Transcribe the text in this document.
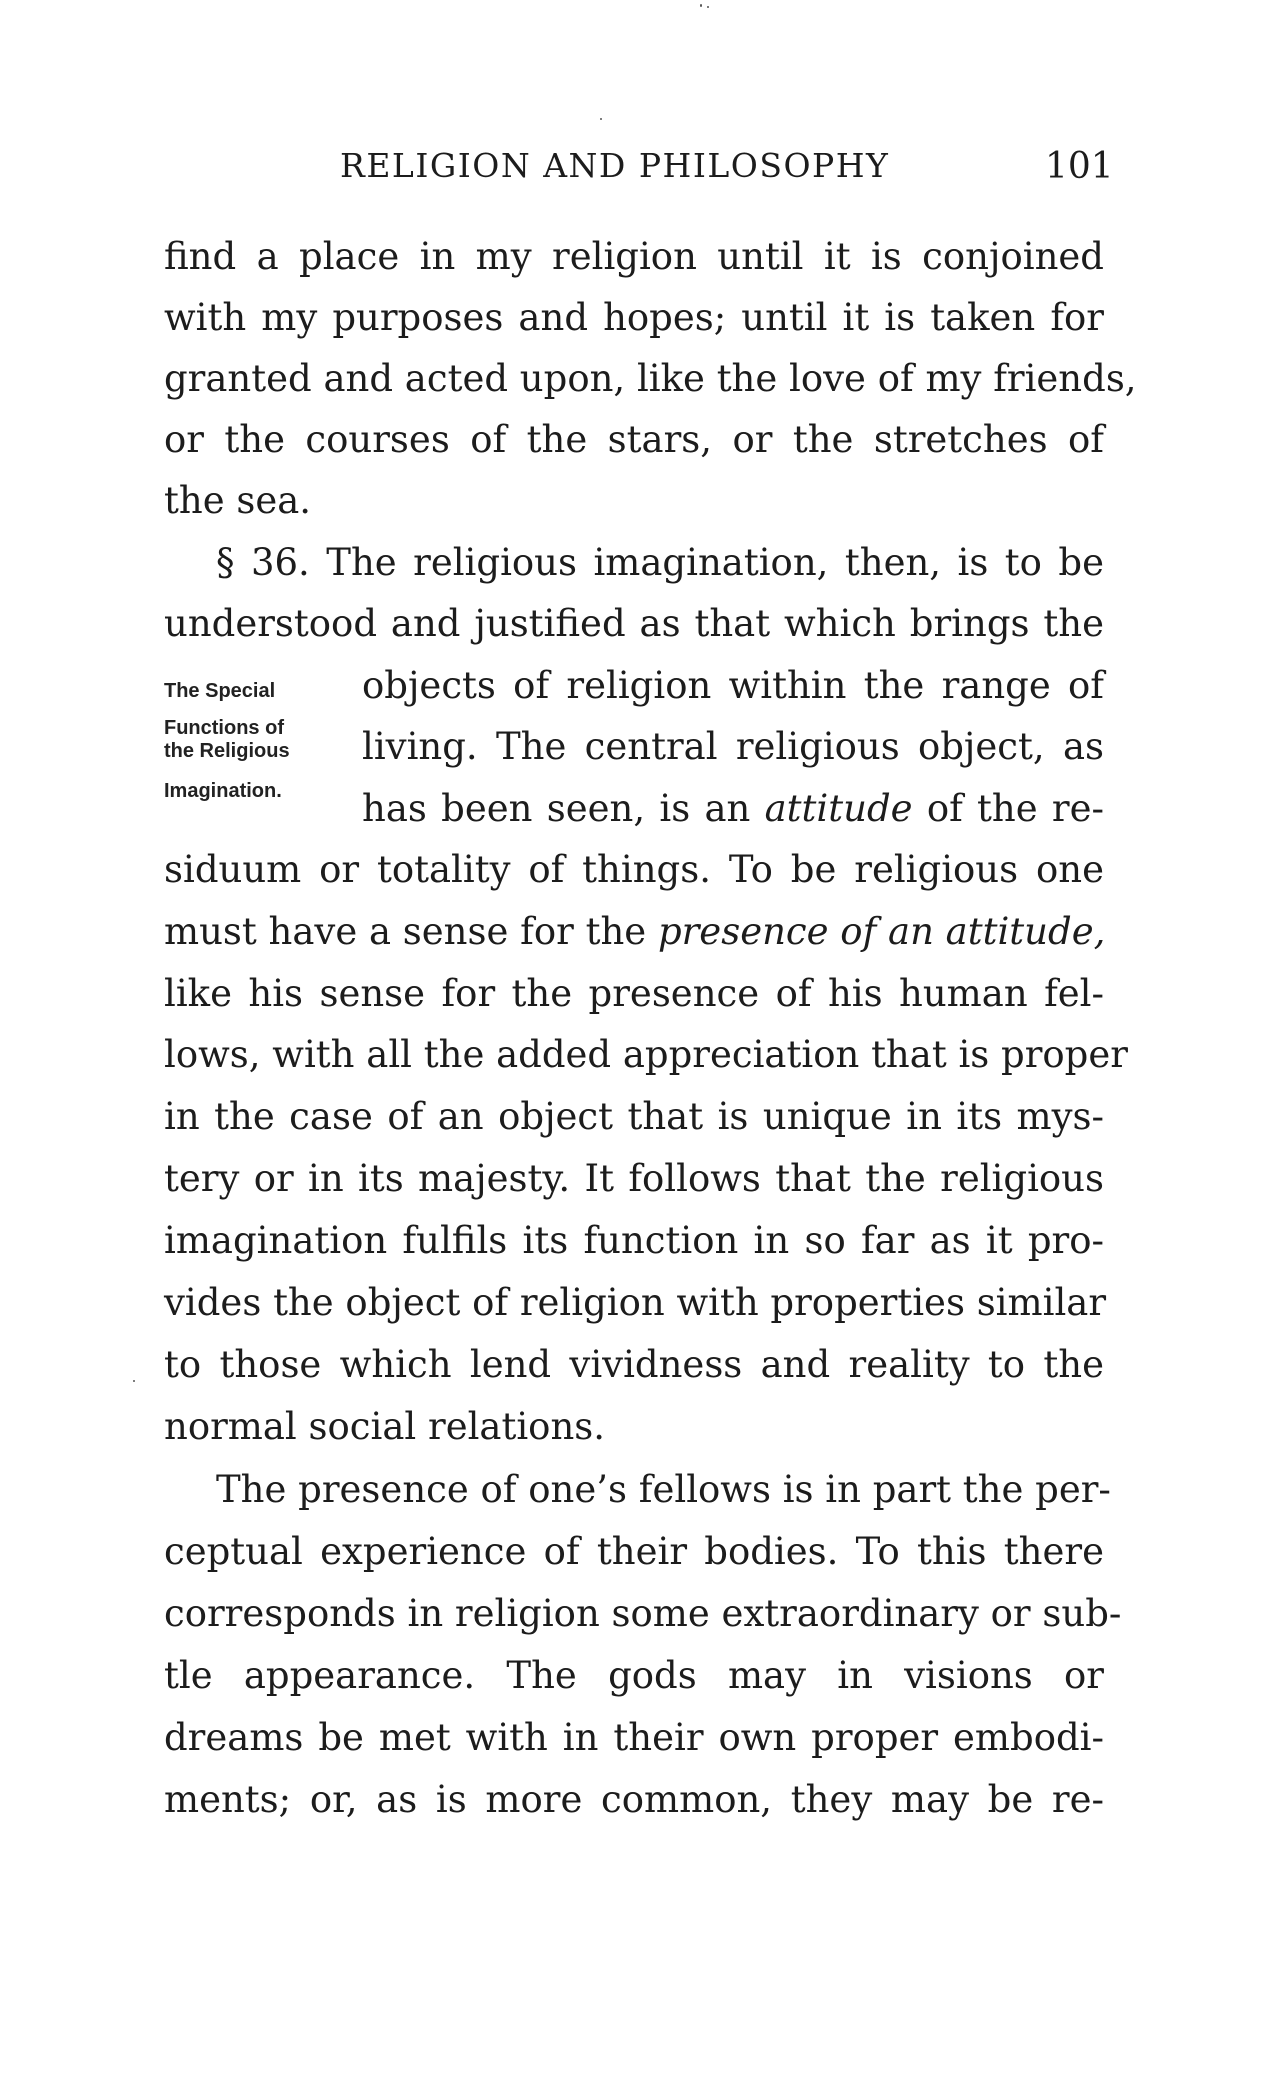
RELIGION AND PHILOSOPHY	101
find a place in my religion until it is conjoined
with my purposes and hopes; until it is taken for
granted and acted upon, like the love of my friends,
or the courses of the stars, or the stretches of
the sea.
§ 36. The religious imagination, then, is to be
understood and justified as that which brings the
The Special
Functions of
the Religious
Imagination.
objects of religion within the range of
living. The central religious object, as
has been seen, is an attitude of the re-
siduum or totality of things. To be religious one
must have a sense for the presence of an attitude,
like his sense for the presence of his human fel-
lows, with all the added appreciation that is proper
in the case of an object that is unique in its mys-
tery or in its majesty. It follows that the religious
imagination fulfils its function in so far as it pro-
vides the object of religion with properties similar
to those which lend vividness and reality to the
normal social relations.
The presence of one’s fellows is in part the per-
ceptual experience of their bodies. To this there
corresponds in religion some extraordinary or sub-
tle appearance. The gods may in visions or
dreams be met with in their own proper embodi-
ments; or, as is more common, they may be re-
